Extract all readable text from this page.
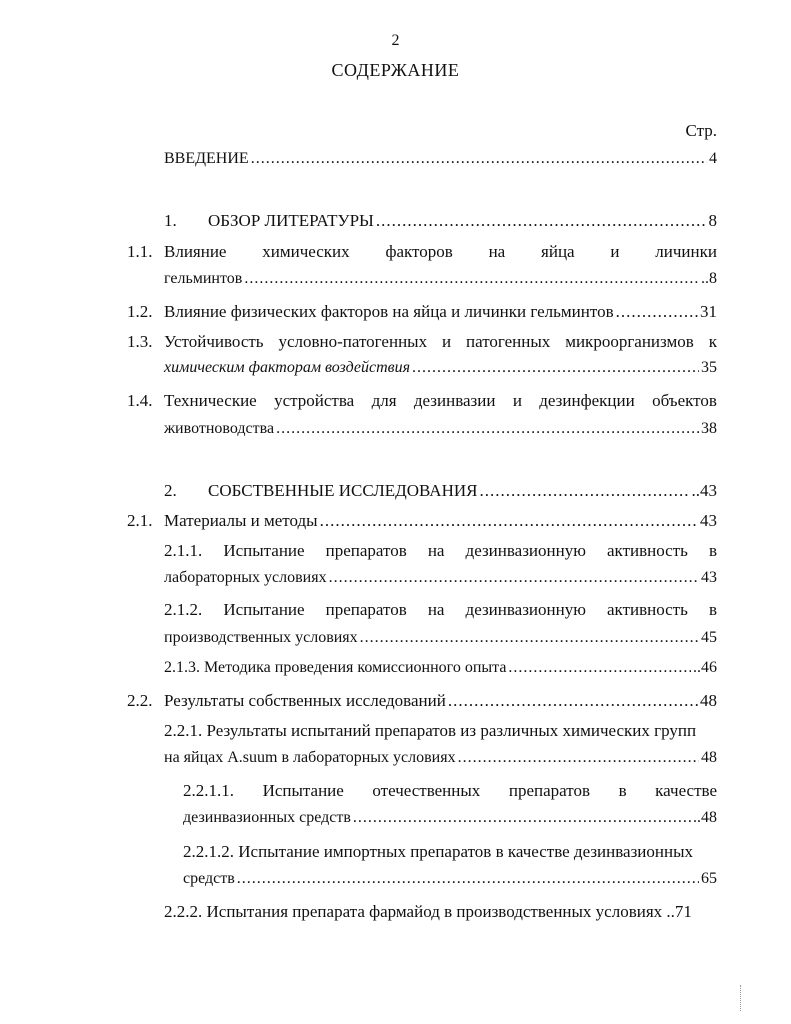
2
СОДЕРЖАНИЕ
Стр.
ВВЕДЕНИЕ .....	4
1. ОБЗОР ЛИТЕРАТУРЫ .....	8
1.1. Влияние химических факторов на яйца и личинки
гельминтов .....	..8
1.2. Влияние физических факторов на яйца и личинки гельминтов .....	31
1.3. Устойчивость условно-патогенных и патогенных микроорганизмов к
химическим факторам воздействия .....	35
1.4. Технические устройства для дезинвазии и дезинфекции объектов
животноводства .....	38
2. СОБСТВЕННЫЕ ИССЛЕДОВАНИЯ .....	..43
2.1. Материалы и методы .....	43
2.1.1. Испытание препаратов на дезинвазионную активность в
лабораторных условиях .....	43
2.1.2. Испытание препаратов на дезинвазионную активность в
производственных условиях .....	45
2.1.3. Методика проведения комиссионного опыта .....	..46
2.2. Результаты собственных исследований .....	48
2.2.1. Результаты испытаний препаратов из различных химических групп
на яйцах A.suum в лабораторных условиях .....	48
2.2.1.1. Испытание отечественных препаратов в качестве
дезинвазионных средств .....	..48
2.2.1.2. Испытание импортных препаратов в качестве дезинвазионных
средств .....	65
2.2.2. Испытания препарата фармайод в производственных условиях ..71
